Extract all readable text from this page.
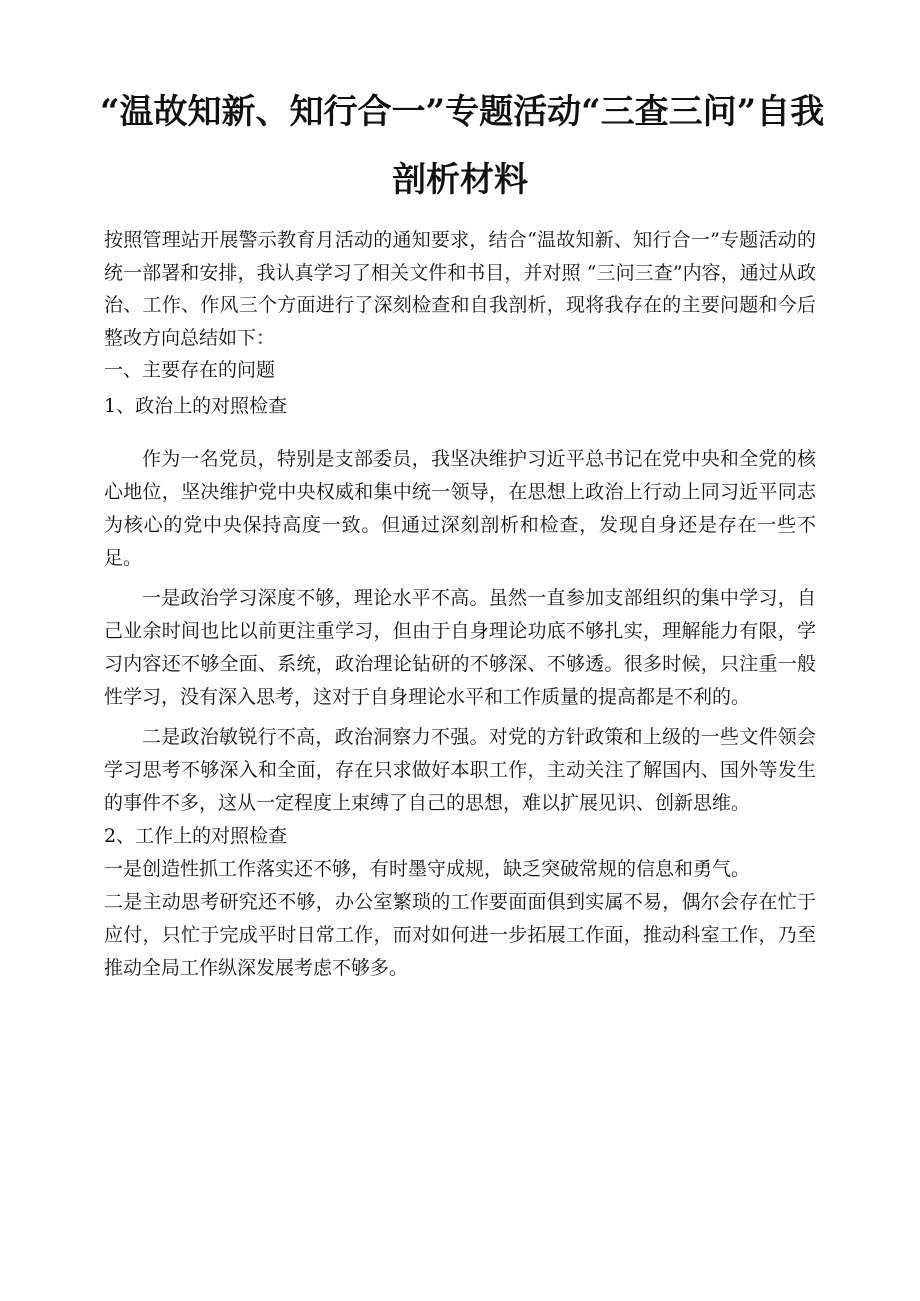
“温故知新、知行合一”专题活动“三查三问”自我
剖析材料

按照管理站开展警示教育月活动的通知要求，结合“温故知新、知行合一”专题活动的统一部署和安排，我认真学习了相关文件和书目，并对照 “三问三查”内容，通过从政治、工作、作风三个方面进行了深刻检查和自我剖析，现将我存在的主要问题和今后整改方向总结如下：

一、主要存在的问题

1、政治上的对照检查

作为一名党员，特别是支部委员，我坚决维护习近平总书记在党中央和全党的核心地位，坚决维护党中央权威和集中统一领导，在思想上政治上行动上同习近平同志为核心的党中央保持高度一致。但通过深刻剖析和检查，发现自身还是存在一些不足。

一是政治学习深度不够，理论水平不高。虽然一直参加支部组织的集中学习，自己业余时间也比以前更注重学习，但由于自身理论功底不够扎实，理解能力有限，学习内容还不够全面、系统，政治理论钻研的不够深、不够透。很多时候，只注重一般性学习，没有深入思考，这对于自身理论水平和工作质量的提高都是不利的。

二是政治敏锐行不高，政治洞察力不强。对党的方针政策和上级的一些文件领会学习思考不够深入和全面，存在只求做好本职工作，主动关注了解国内、国外等发生的事件不多，这从一定程度上束缚了自己的思想，难以扩展见识、创新思维。

2、工作上的对照检查

一是创造性抓工作落实还不够，有时墨守成规，缺乏突破常规的信息和勇气。

二是主动思考研究还不够，办公室繁琐的工作要面面俱到实属不易，偶尔会存在忙于应付，只忙于完成平时日常工作，而对如何进一步拓展工作面，推动科室工作，乃至推动全局工作纵深发展考虑不够多。
